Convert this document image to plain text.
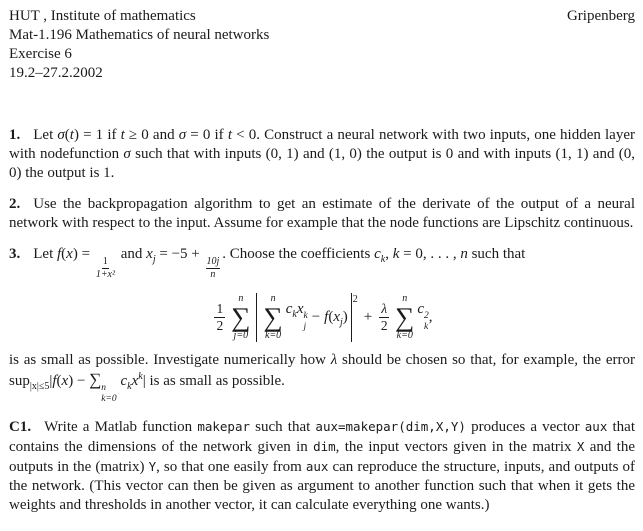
HUT , Institute of mathematics	Gripenberg
Mat-1.196 Mathematics of neural networks
Exercise 6
19.2–27.2.2002

1. Let σ(t) = 1 if t ≥ 0 and σ = 0 if t < 0. Construct a neural network with two inputs, one hidden layer with nodefunction σ such that with inputs (0, 1) and (1, 0) the output is 0 and with inputs (1, 1) and (0, 0) the output is 1.

2. Use the backpropagation algorithm to get an estimate of the derivate of the output of a neural network with respect to the input. Assume for example that the node functions are Lipschitz continuous.

3. Let f(x) =
$\frac{1}{\text{1+x²}}$
and $x_j = -5$ +
$\frac{10j}{n}$
. Choose the coefficients $c_k$, k = 0, . . . , n such that

$\frac{1}{2}$
n
∑
j=0
n
∑
k=0
$c_kx$ k
j
− $f(x_j)$
2
+ $\frac{\lambda}{2}$
n
∑
k=0
c 2
k
,

is as small as possible. Investigate numerically how λ should be chosen so that, for example, the error sup$_{|x|\le 5}$|f(x) − ∑ n
k=0
$c_kx^k|$ is as small as possible.

C1. Write a Matlab function makepar such that aux=makepar(dim,X,Y) produces a vector aux that contains the dimensions of the network given in dim, the input vectors given in the matrix X and the outputs in the (matrix) Y, so that one easily from aux can reproduce the structure, inputs, and outputs of the network. (This vector can then be given as argument to another function such that when it gets the weights and thresholds in another vector, it can calculate everything one wants.)
